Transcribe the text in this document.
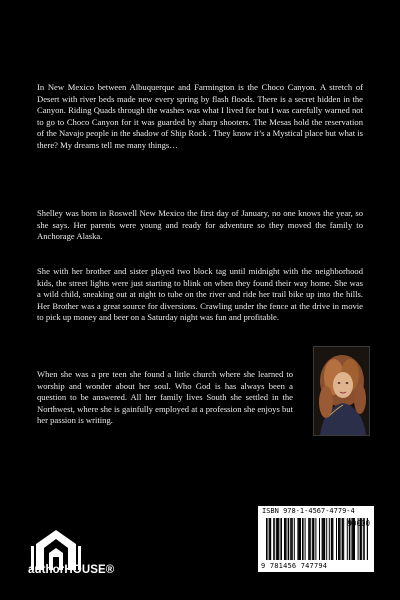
In New Mexico between Albuquerque and Farmington is the Choco Canyon. A stretch of Desert with river beds made new every spring by flash floods. There is a secret hidden in the Canyon. Riding Quads through the washes was what I lived for but I was carefully warned not to go to Choco Canyon for it was guarded by sharp shooters. The Mesas hold the reservation of the Navajo people in the shadow of Ship Rock . They know it’s a Mystical place but what is there? My dreams tell me many things…

Shelley was born in Roswell New Mexico the first day of January, no one knows the year, so she says. Her parents were young and ready for adventure so they moved the family to Anchorage Alaska.

She with her brother and sister played two block tag until midnight with the neighborhood kids, the street lights were just starting to blink on when they found their way home. She was a wild child, sneaking out at night to tube on the river and ride her trail bike up into the hills. Her Brother was a great source for diversions. Crawling under the fence at the drive in movie to pick up money and beer on a Saturday night was fun and profitable.

When she was a pre teen she found a little church where she learned to worship and wonder about her soul. Who God is has always been a question to be answered. All her family lives South she settled in the Northwest, where she is gainfully employed at a profession she enjoys but her passion is writing.

authorHOUSE®
ISBN 978-1-4567-4779-4
90000
9 781456 747794
